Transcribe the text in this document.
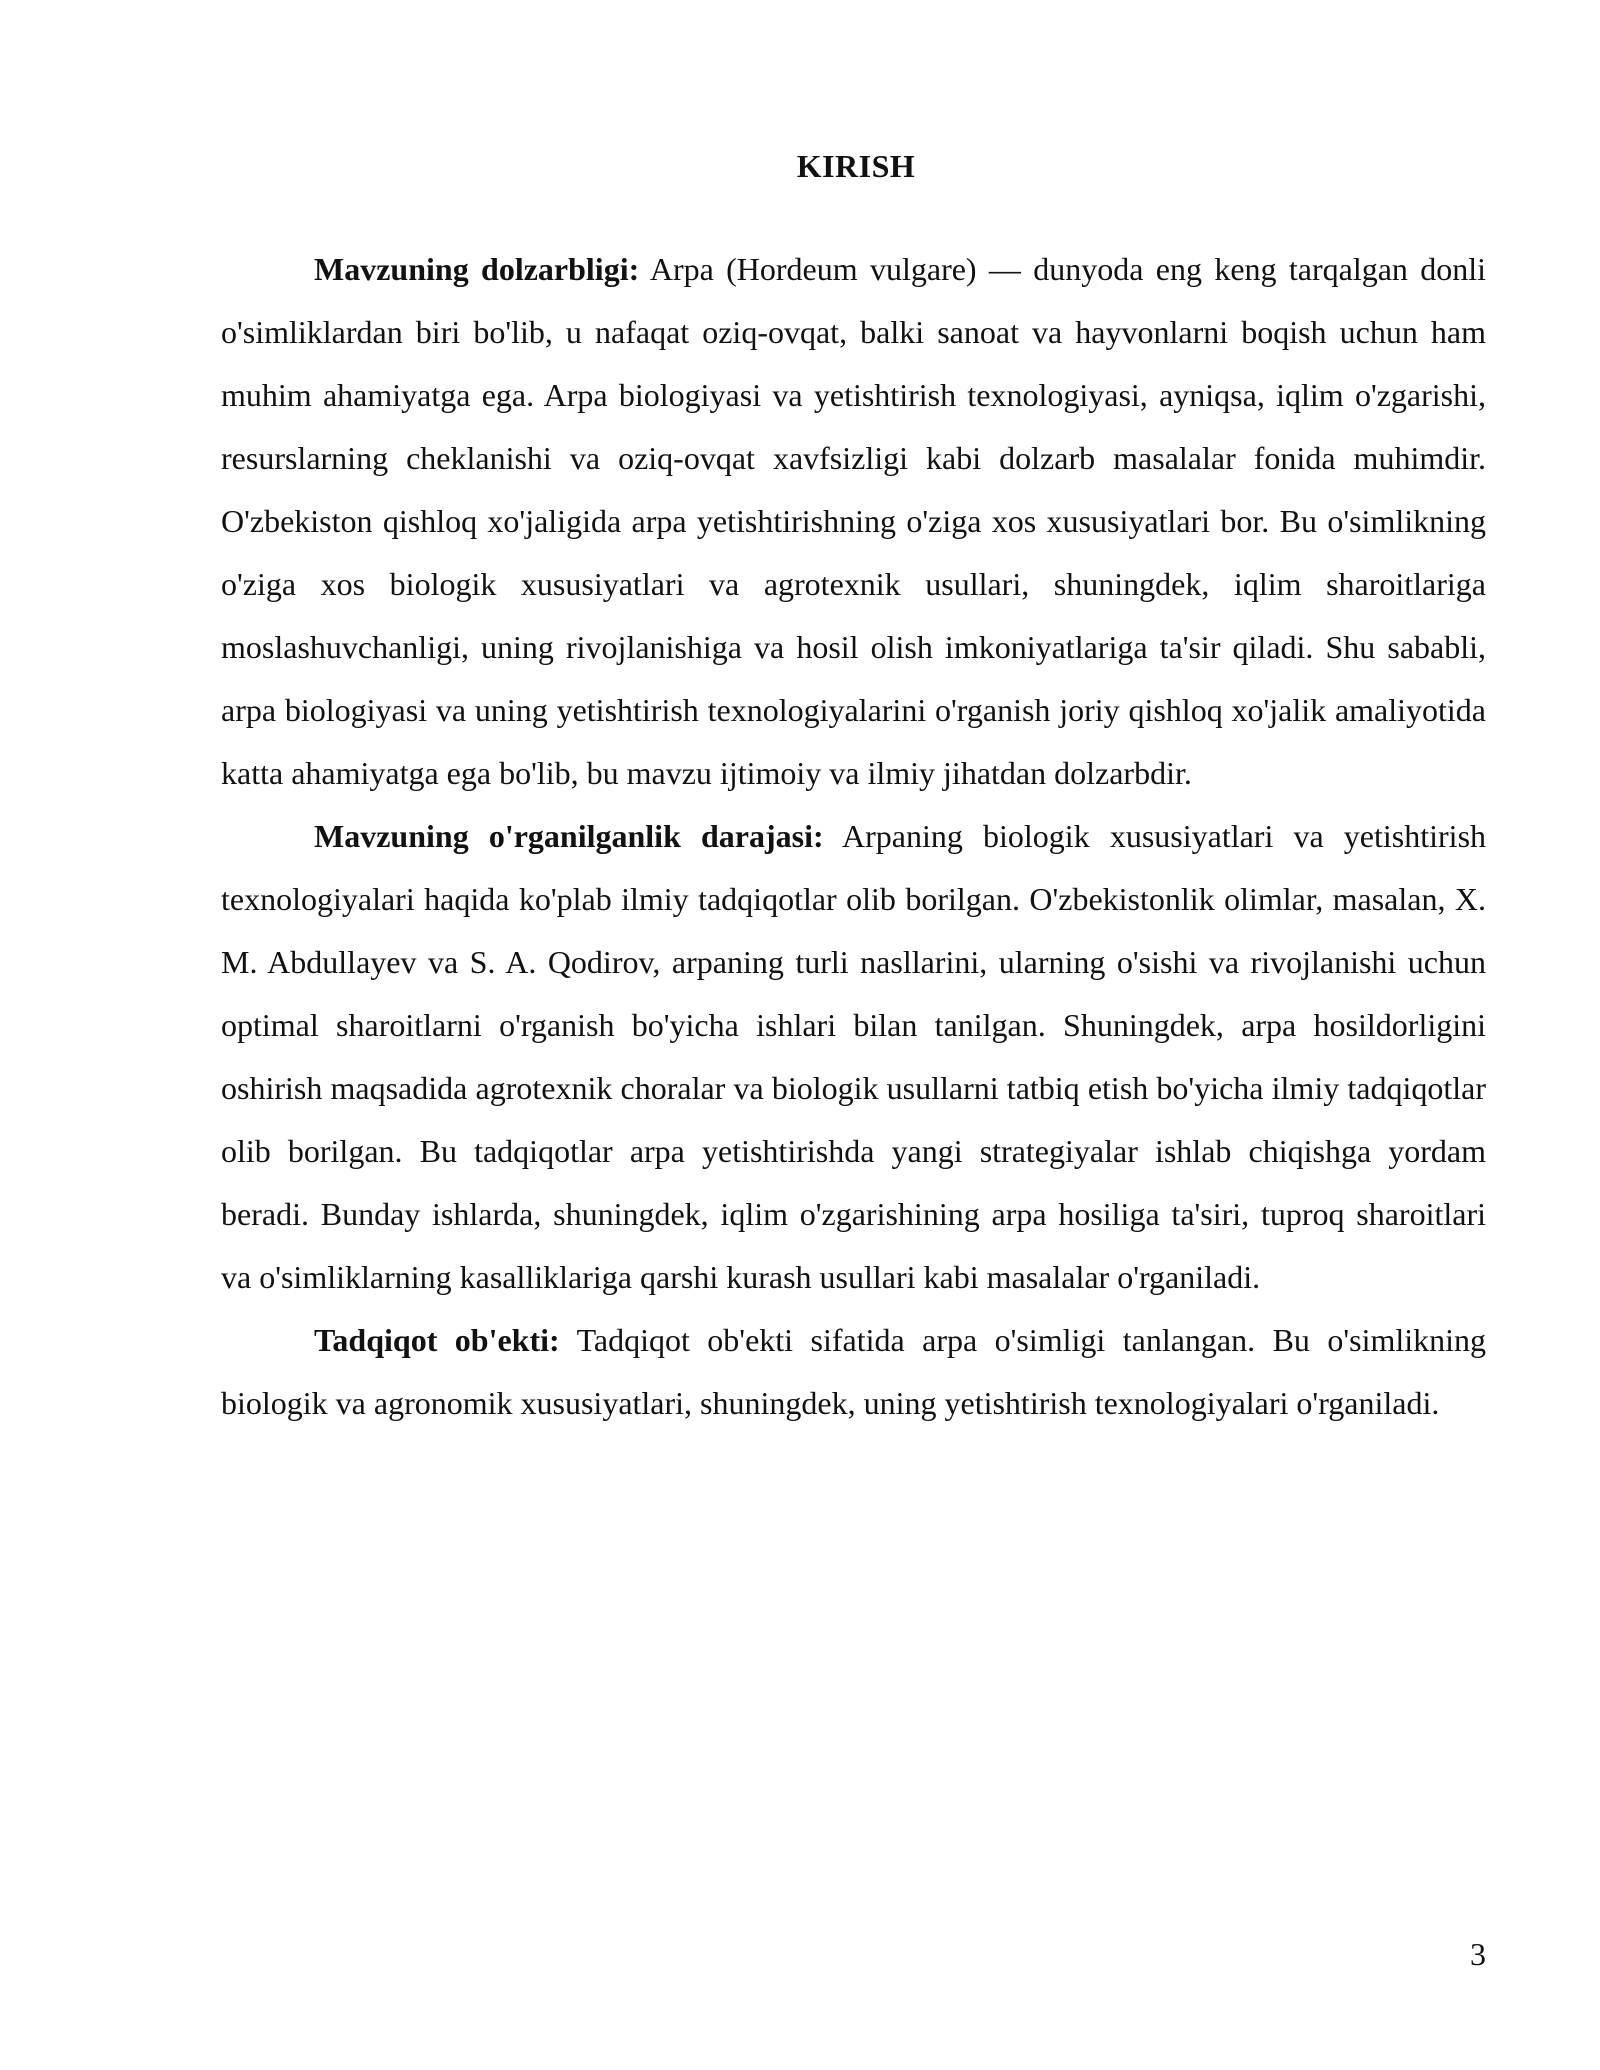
KIRISH

Mavzuning dolzarbligi: Arpa (Hordeum vulgare) — dunyoda eng keng tarqalgan donli o'simliklardan biri bo'lib, u nafaqat oziq-ovqat, balki sanoat va hayvonlarni boqish uchun ham muhim ahamiyatga ega. Arpa biologiyasi va yetishtirish texnologiyasi, ayniqsa, iqlim o'zgarishi, resurslarning cheklanishi va oziq-ovqat xavfsizligi kabi dolzarb masalalar fonida muhimdir. O'zbekiston qishloq xo'jaligida arpa yetishtirishning o'ziga xos xususiyatlari bor. Bu o'simlikning o'ziga xos biologik xususiyatlari va agrotexnik usullari, shuningdek, iqlim sharoitlariga moslashuvchanligi, uning rivojlanishiga va hosil olish imkoniyatlariga ta'sir qiladi. Shu sababli, arpa biologiyasi va uning yetishtirish texnologiyalarini o'rganish joriy qishloq xo'jalik amaliyotida katta ahamiyatga ega bo'lib, bu mavzu ijtimoiy va ilmiy jihatdan dolzarbdir.

Mavzuning o'rganilganlik darajasi: Arpaning biologik xususiyatlari va yetishtirish texnologiyalari haqida ko'plab ilmiy tadqiqotlar olib borilgan. O'zbekistonlik olimlar, masalan, X. M. Abdullayev va S. A. Qodirov, arpaning turli nasllarini, ularning o'sishi va rivojlanishi uchun optimal sharoitlarni o'rganish bo'yicha ishlari bilan tanilgan. Shuningdek, arpa hosildorligini oshirish maqsadida agrotexnik choralar va biologik usullarni tatbiq etish bo'yicha ilmiy tadqiqotlar olib borilgan. Bu tadqiqotlar arpa yetishtirishda yangi strategiyalar ishlab chiqishga yordam beradi. Bunday ishlarda, shuningdek, iqlim o'zgarishining arpa hosiliga ta'siri, tuproq sharoitlari va o'simliklarning kasalliklariga qarshi kurash usullari kabi masalalar o'rganiladi.

Tadqiqot ob'ekti: Tadqiqot ob'ekti sifatida arpa o'simligi tanlangan. Bu o'simlikning biologik va agronomik xususiyatlari, shuningdek, uning yetishtirish texnologiyalari o'rganiladi.

3
